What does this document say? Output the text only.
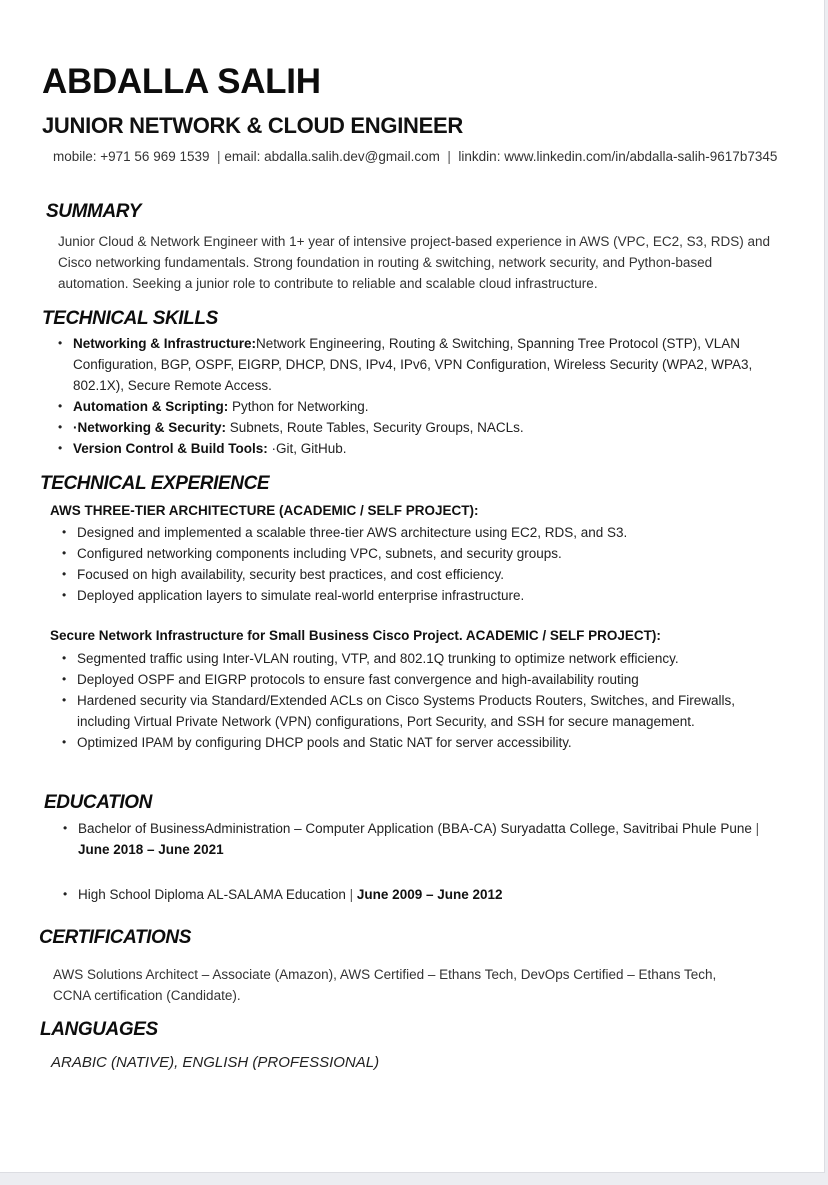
ABDALLA SALIH
JUNIOR NETWORK & CLOUD ENGINEER
mobile: +971 56 969 1539 | email: abdalla.salih.dev@gmail.com | linkdin: www.linkedin.com/in/abdalla-salih-9617b7345
SUMMARY
Junior Cloud & Network Engineer with 1+ year of intensive project-based experience in AWS (VPC, EC2, S3, RDS) and Cisco networking fundamentals. Strong foundation in routing & switching, network security, and Python-based automation. Seeking a junior role to contribute to reliable and scalable cloud infrastructure.
TECHNICAL SKILLS
• Networking & Infrastructure:Network Engineering, Routing & Switching, Spanning Tree Protocol (STP), VLAN Configuration, BGP, OSPF, EIGRP, DHCP, DNS, IPv4, IPv6, VPN Configuration, Wireless Security (WPA2, WPA3, 802.1X), Secure Remote Access.
• Automation & Scripting: Python for Networking.
• ·Networking & Security: Subnets, Route Tables, Security Groups, NACLs.
• Version Control & Build Tools: ·Git, GitHub.
TECHNICAL EXPERIENCE
AWS THREE-TIER ARCHITECTURE (ACADEMIC / SELF PROJECT):
• Designed and implemented a scalable three-tier AWS architecture using EC2, RDS, and S3.
• Configured networking components including VPC, subnets, and security groups.
• Focused on high availability, security best practices, and cost efficiency.
• Deployed application layers to simulate real-world enterprise infrastructure.
Secure Network Infrastructure for Small Business Cisco Project. ACADEMIC / SELF PROJECT):
• Segmented traffic using Inter-VLAN routing, VTP, and 802.1Q trunking to optimize network efficiency.
• Deployed OSPF and EIGRP protocols to ensure fast convergence and high-availability routing
• Hardened security via Standard/Extended ACLs on Cisco Systems Products Routers, Switches, and Firewalls, including Virtual Private Network (VPN) configurations, Port Security, and SSH for secure management.
• Optimized IPAM by configuring DHCP pools and Static NAT for server accessibility.
EDUCATION
• Bachelor of BusinessAdministration – Computer Application (BBA-CA) Suryadatta College, Savitribai Phule Pune | June 2018 – June 2021
• High School Diploma AL-SALAMA Education | June 2009 – June 2012
CERTIFICATIONS
AWS Solutions Architect – Associate (Amazon), AWS Certified – Ethans Tech, DevOps Certified – Ethans Tech, CCNA certification (Candidate).
LANGUAGES
ARABIC (NATIVE), ENGLISH (PROFESSIONAL)
